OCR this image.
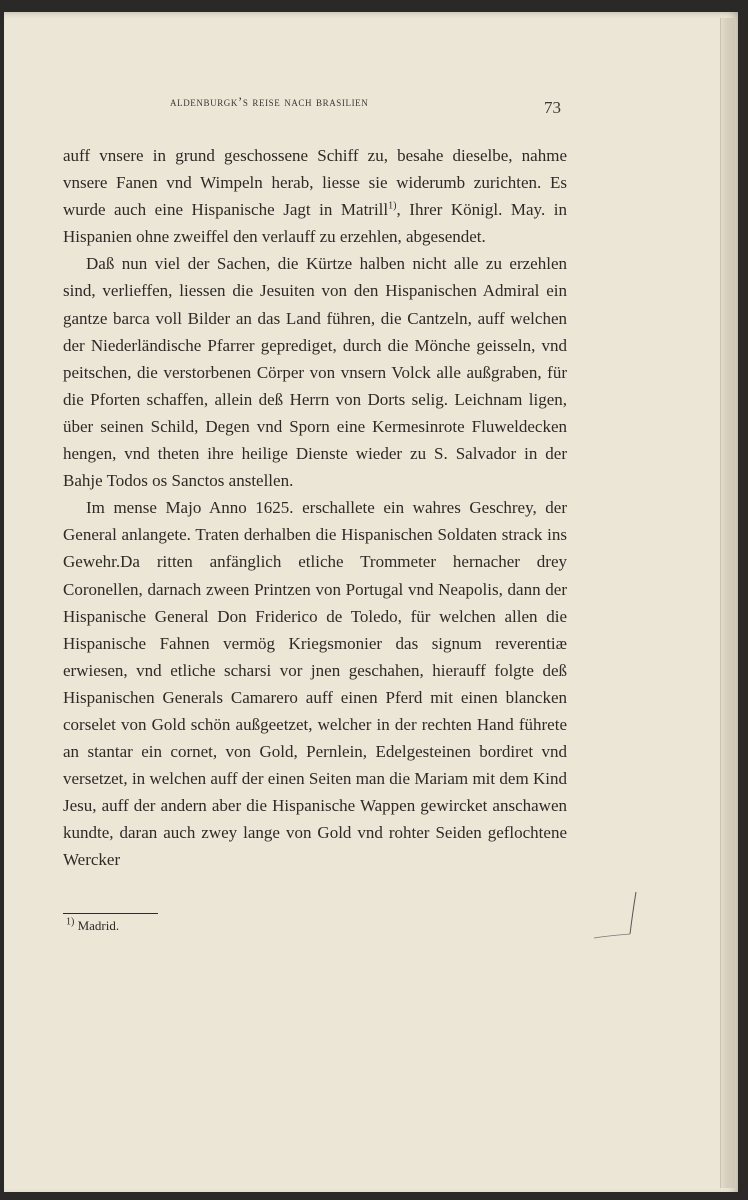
aldenburgk’s reise nach brasilien	73

auff vnsere in grund geschossene Schiff zu, besahe dieselbe, nahme vnsere Fanen vnd Wimpeln herab, liesse sie widerumb zurichten. Es wurde auch eine Hispanische Jagt in Matrill$^{1)}$, Ihrer Königl. May. in Hispanien ohne zweiffel den verlauff zu erzehlen, abgesendet.

Daß nun viel der Sachen, die Kürtze halben nicht alle zu erzehlen sind, verlieffen, liessen die Jesuiten von den Hispanischen Admiral ein gantze barca voll Bilder an das Land führen, die Cantzeln, auff welchen der Niederländische Pfarrer geprediget, durch die Mönche geisseln, vnd peitschen, die verstorbenen Cörper von vnsern Volck alle außgraben, für die Pforten schaffen, allein deß Herrn von Dorts selig. Leichnam ligen, über seinen Schild, Degen vnd Sporn eine Kermesinrote Fluweldecken hengen, vnd theten ihre heilige Dienste wieder zu S. Salvador in der Bahje Todos os Sanctos anstellen.

Im mense Majo Anno 1625. erschallete ein wahres Geschrey, der General anlangete. Traten derhalben die Hispanischen Soldaten strack ins Gewehr.Da ritten anfänglich etliche Trommeter hernacher drey Coronellen, darnach zween Printzen von Portugal vnd Neapolis, dann der Hispanische General Don Friderico de Toledo, für welchen allen die Hispanische Fahnen vermög Kriegsmonier das signum reverentiæ erwiesen, vnd etliche scharsi vor jnen geschahen, hierauff folgte deß Hispanischen Generals Camarero auff einen Pferd mit einen blancken corselet von Gold schön außgeetzet, welcher in der rechten Hand führete an stantar ein cornet, von Gold, Pernlein, Edelgesteinen bordiret vnd versetzet, in welchen auff der einen Seiten man die Mariam mit dem Kind Jesu, auff der andern aber die Hispanische Wappen gewircket anschawen kundte, daran auch zwey lange von Gold vnd rohter Seiden geflochtene Wercker

$^{1)}$ Madrid.
